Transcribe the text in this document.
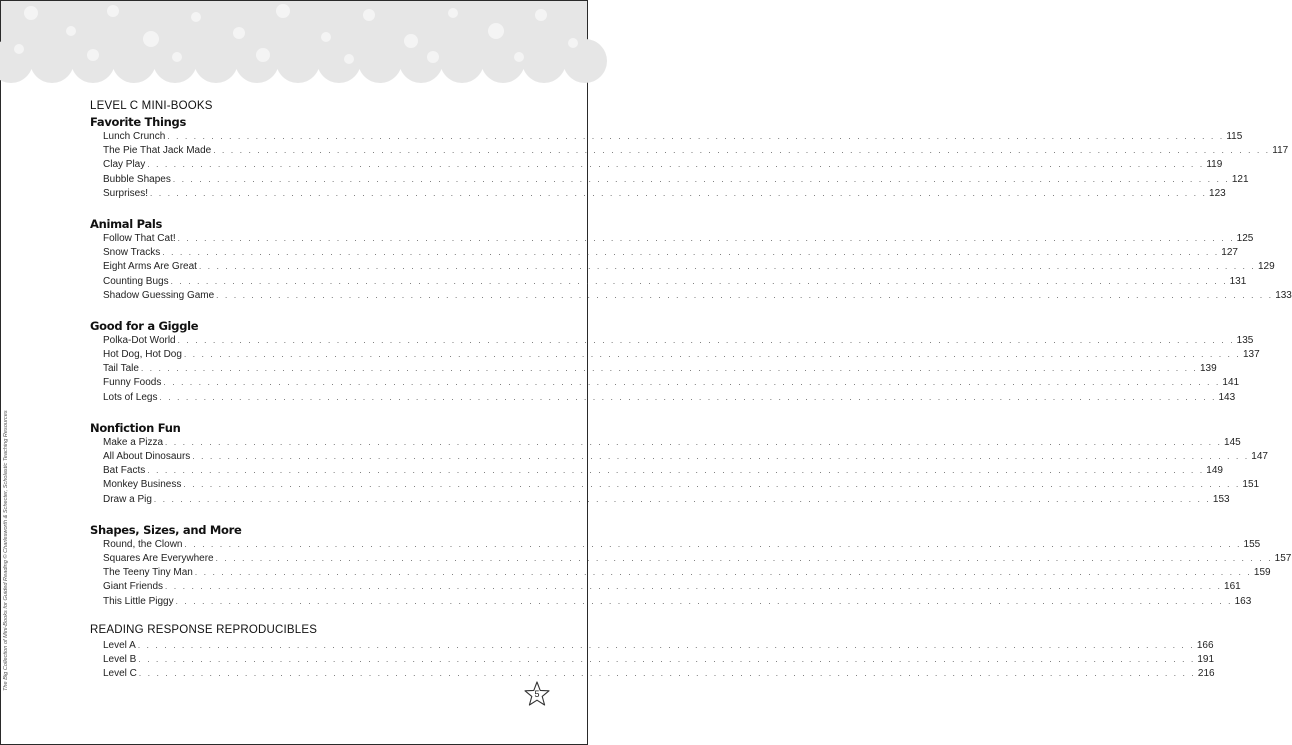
The Big Collection of Mini-Books for Guided Reading © Charlesworth & Schecter, Scholastic Teaching Resources
LEVEL C MINI-BOOKS
Favorite Things
Lunch Crunch . . . . . . . . . . . . . . . . . . . . . . . . . . . . . . . . . . . . . . . . . . . . . . . . . . . . . . . . . . . . . . . . . . . . . . . . . . . . . . . . . . . . . . . . . . . . . . . . . . . . . . . . . . . . . . . . . . . . . . . . 115
The Pie That Jack Made . . . . . . . . . . . . . . . . . . . . . . . . . . . . . . . . . . . . . . . . . . . . . . . . . . . . . . . . . . . . . . . . . . . . . . . . . . . . . . . . . . . . . . . . . . . . . . . . . . . . . . . . . . . . . . . . . . . . . . . . 117
Clay Play . . . . . . . . . . . . . . . . . . . . . . . . . . . . . . . . . . . . . . . . . . . . . . . . . . . . . . . . . . . . . . . . . . . . . . . . . . . . . . . . . . . . . . . . . . . . . . . . . . . . . . . . . . . . . . . . . . . . . . . . 119
Bubble Shapes . . . . . . . . . . . . . . . . . . . . . . . . . . . . . . . . . . . . . . . . . . . . . . . . . . . . . . . . . . . . . . . . . . . . . . . . . . . . . . . . . . . . . . . . . . . . . . . . . . . . . . . . . . . . . . . . . . . . . . . . 121
Surprises! . . . . . . . . . . . . . . . . . . . . . . . . . . . . . . . . . . . . . . . . . . . . . . . . . . . . . . . . . . . . . . . . . . . . . . . . . . . . . . . . . . . . . . . . . . . . . . . . . . . . . . . . . . . . . . . . . . . . . . . . 123
Animal Pals
Follow That Cat! . . . . . . . . . . . . . . . . . . . . . . . . . . . . . . . . . . . . . . . . . . . . . . . . . . . . . . . . . . . . . . . . . . . . . . . . . . . . . . . . . . . . . . . . . . . . . . . . . . . . . . . . . . . . . . . . . . . . . . . . 125
Snow Tracks . . . . . . . . . . . . . . . . . . . . . . . . . . . . . . . . . . . . . . . . . . . . . . . . . . . . . . . . . . . . . . . . . . . . . . . . . . . . . . . . . . . . . . . . . . . . . . . . . . . . . . . . . . . . . . . . . . . . . . . . 127
Eight Arms Are Great . . . . . . . . . . . . . . . . . . . . . . . . . . . . . . . . . . . . . . . . . . . . . . . . . . . . . . . . . . . . . . . . . . . . . . . . . . . . . . . . . . . . . . . . . . . . . . . . . . . . . . . . . . . . . . . . . . . . . . . . 129
Counting Bugs . . . . . . . . . . . . . . . . . . . . . . . . . . . . . . . . . . . . . . . . . . . . . . . . . . . . . . . . . . . . . . . . . . . . . . . . . . . . . . . . . . . . . . . . . . . . . . . . . . . . . . . . . . . . . . . . . . . . . . . . 131
Shadow Guessing Game . . . . . . . . . . . . . . . . . . . . . . . . . . . . . . . . . . . . . . . . . . . . . . . . . . . . . . . . . . . . . . . . . . . . . . . . . . . . . . . . . . . . . . . . . . . . . . . . . . . . . . . . . . . . . . . . . . . . . . . . 133
Good for a Giggle
Polka-Dot World . . . . . . . . . . . . . . . . . . . . . . . . . . . . . . . . . . . . . . . . . . . . . . . . . . . . . . . . . . . . . . . . . . . . . . . . . . . . . . . . . . . . . . . . . . . . . . . . . . . . . . . . . . . . . . . . . . . . . . . . 135
Hot Dog, Hot Dog . . . . . . . . . . . . . . . . . . . . . . . . . . . . . . . . . . . . . . . . . . . . . . . . . . . . . . . . . . . . . . . . . . . . . . . . . . . . . . . . . . . . . . . . . . . . . . . . . . . . . . . . . . . . . . . . . . . . . . . . 137
Tail Tale . . . . . . . . . . . . . . . . . . . . . . . . . . . . . . . . . . . . . . . . . . . . . . . . . . . . . . . . . . . . . . . . . . . . . . . . . . . . . . . . . . . . . . . . . . . . . . . . . . . . . . . . . . . . . . . . . . . . . . . . 139
Funny Foods . . . . . . . . . . . . . . . . . . . . . . . . . . . . . . . . . . . . . . . . . . . . . . . . . . . . . . . . . . . . . . . . . . . . . . . . . . . . . . . . . . . . . . . . . . . . . . . . . . . . . . . . . . . . . . . . . . . . . . . . 141
Lots of Legs . . . . . . . . . . . . . . . . . . . . . . . . . . . . . . . . . . . . . . . . . . . . . . . . . . . . . . . . . . . . . . . . . . . . . . . . . . . . . . . . . . . . . . . . . . . . . . . . . . . . . . . . . . . . . . . . . . . . . . . . 143
Nonfiction Fun
Make a Pizza . . . . . . . . . . . . . . . . . . . . . . . . . . . . . . . . . . . . . . . . . . . . . . . . . . . . . . . . . . . . . . . . . . . . . . . . . . . . . . . . . . . . . . . . . . . . . . . . . . . . . . . . . . . . . . . . . . . . . . . . 145
All About Dinosaurs . . . . . . . . . . . . . . . . . . . . . . . . . . . . . . . . . . . . . . . . . . . . . . . . . . . . . . . . . . . . . . . . . . . . . . . . . . . . . . . . . . . . . . . . . . . . . . . . . . . . . . . . . . . . . . . . . . . . . . . . 147
Bat Facts . . . . . . . . . . . . . . . . . . . . . . . . . . . . . . . . . . . . . . . . . . . . . . . . . . . . . . . . . . . . . . . . . . . . . . . . . . . . . . . . . . . . . . . . . . . . . . . . . . . . . . . . . . . . . . . . . . . . . . . . 149
Monkey Business . . . . . . . . . . . . . . . . . . . . . . . . . . . . . . . . . . . . . . . . . . . . . . . . . . . . . . . . . . . . . . . . . . . . . . . . . . . . . . . . . . . . . . . . . . . . . . . . . . . . . . . . . . . . . . . . . . . . . . . . 151
Draw a Pig . . . . . . . . . . . . . . . . . . . . . . . . . . . . . . . . . . . . . . . . . . . . . . . . . . . . . . . . . . . . . . . . . . . . . . . . . . . . . . . . . . . . . . . . . . . . . . . . . . . . . . . . . . . . . . . . . . . . . . . . 153
Shapes, Sizes, and More
Round, the Clown . . . . . . . . . . . . . . . . . . . . . . . . . . . . . . . . . . . . . . . . . . . . . . . . . . . . . . . . . . . . . . . . . . . . . . . . . . . . . . . . . . . . . . . . . . . . . . . . . . . . . . . . . . . . . . . . . . . . . . . . 155
Squares Are Everywhere . . . . . . . . . . . . . . . . . . . . . . . . . . . . . . . . . . . . . . . . . . . . . . . . . . . . . . . . . . . . . . . . . . . . . . . . . . . . . . . . . . . . . . . . . . . . . . . . . . . . . . . . . . . . . . . . . . . . . . . . 157
The Teeny Tiny Man . . . . . . . . . . . . . . . . . . . . . . . . . . . . . . . . . . . . . . . . . . . . . . . . . . . . . . . . . . . . . . . . . . . . . . . . . . . . . . . . . . . . . . . . . . . . . . . . . . . . . . . . . . . . . . . . . . . . . . . . 159
Giant Friends . . . . . . . . . . . . . . . . . . . . . . . . . . . . . . . . . . . . . . . . . . . . . . . . . . . . . . . . . . . . . . . . . . . . . . . . . . . . . . . . . . . . . . . . . . . . . . . . . . . . . . . . . . . . . . . . . . . . . . . . 161
This Little Piggy . . . . . . . . . . . . . . . . . . . . . . . . . . . . . . . . . . . . . . . . . . . . . . . . . . . . . . . . . . . . . . . . . . . . . . . . . . . . . . . . . . . . . . . . . . . . . . . . . . . . . . . . . . . . . . . . . . . . . . . . 163
READING RESPONSE REPRODUCIBLES
Level A . . . . . . . . . . . . . . . . . . . . . . . . . . . . . . . . . . . . . . . . . . . . . . . . . . . . . . . . . . . . . . . . . . . . . . . . . . . . . . . . . . . . . . . . . . . . . . . . . . . . . . . . . . . . . . . . . . . . . . . . 166
Level B . . . . . . . . . . . . . . . . . . . . . . . . . . . . . . . . . . . . . . . . . . . . . . . . . . . . . . . . . . . . . . . . . . . . . . . . . . . . . . . . . . . . . . . . . . . . . . . . . . . . . . . . . . . . . . . . . . . . . . . . 191
Level C . . . . . . . . . . . . . . . . . . . . . . . . . . . . . . . . . . . . . . . . . . . . . . . . . . . . . . . . . . . . . . . . . . . . . . . . . . . . . . . . . . . . . . . . . . . . . . . . . . . . . . . . . . . . . . . . . . . . . . . . 216
5
